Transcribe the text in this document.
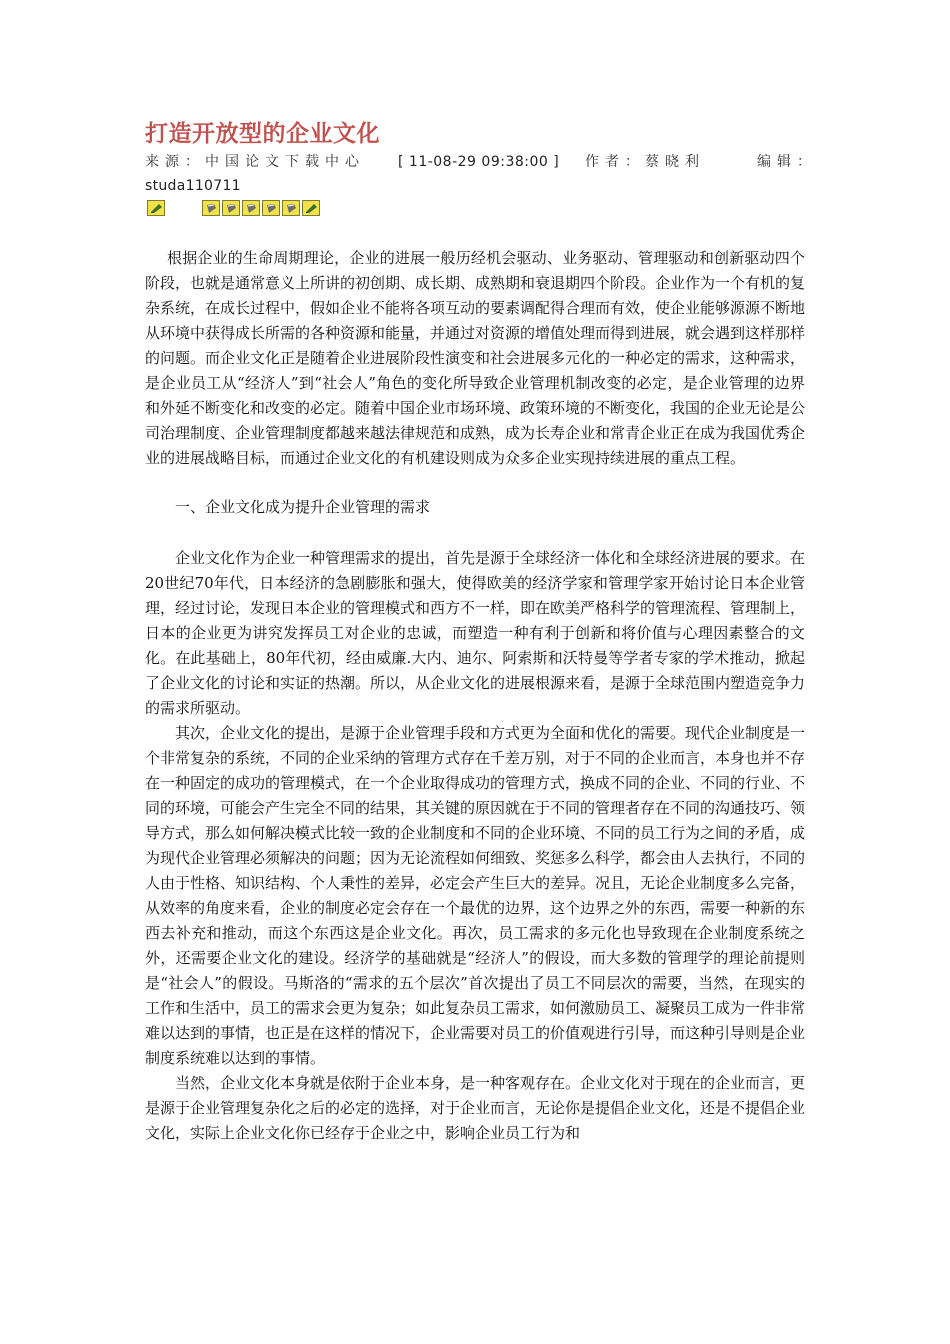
打造开放型的企业文化
来源：中国论文下载中心 [ 11-08-29 09:38:00 ] 作者：蔡晓利	编辑：
studa110711

根据企业的生命周期理论，企业的进展一般历经机会驱动、业务驱动、管理驱动和创新驱动四个阶段，也就是通常意义上所讲的初创期、成长期、成熟期和衰退期四个阶段。企业作为一个有机的复杂系统，在成长过程中，假如企业不能将各项互动的要素调配得合理而有效，使企业能够源源不断地从环境中获得成长所需的各种资源和能量，并通过对资源的增值处理而得到进展，就会遇到这样那样的问题。而企业文化正是随着企业进展阶段性演变和社会进展多元化的一种必定的需求，这种需求，是企业员工从“经济人”到“社会人”角色的变化所导致企业管理机制改变的必定，是企业管理的边界和外延不断变化和改变的必定。随着中国企业市场环境、政策环境的不断变化，我国的企业无论是公司治理制度、企业管理制度都越来越法律规范和成熟，成为长寿企业和常青企业正在成为我国优秀企业的进展战略目标，而通过企业文化的有机建设则成为众多企业实现持续进展的重点工程。

一、企业文化成为提升企业管理的需求

企业文化作为企业一种管理需求的提出，首先是源于全球经济一体化和全球经济进展的要求。在20世纪70年代，日本经济的急剧膨胀和强大，使得欧美的经济学家和管理学家开始讨论日本企业管理，经过讨论，发现日本企业的管理模式和西方不一样，即在欧美严格科学的管理流程、管理制上，日本的企业更为讲究发挥员工对企业的忠诚，而塑造一种有利于创新和将价值与心理因素整合的文化。在此基础上，80年代初，经由威廉.大内、迪尔、阿索斯和沃特曼等学者专家的学术推动，掀起了企业文化的讨论和实证的热潮。所以，从企业文化的进展根源来看，是源于全球范围内塑造竞争力的需求所驱动。

其次，企业文化的提出，是源于企业管理手段和方式更为全面和优化的需要。现代企业制度是一个非常复杂的系统，不同的企业采纳的管理方式存在千差万别，对于不同的企业而言，本身也并不存在一种固定的成功的管理模式，在一个企业取得成功的管理方式，换成不同的企业、不同的行业、不同的环境，可能会产生完全不同的结果，其关键的原因就在于不同的管理者存在不同的沟通技巧、领导方式，那么如何解决模式比较一致的企业制度和不同的企业环境、不同的员工行为之间的矛盾，成为现代企业管理必须解决的问题；因为无论流程如何细致、奖惩多么科学，都会由人去执行，不同的人由于性格、知识结构、个人秉性的差异，必定会产生巨大的差异。况且，无论企业制度多么完备，从效率的角度来看，企业的制度必定会存在一个最优的边界，这个边界之外的东西，需要一种新的东西去补充和推动，而这个东西这是企业文化。再次，员工需求的多元化也导致现在企业制度系统之外，还需要企业文化的建设。经济学的基础就是“经济人”的假设，而大多数的管理学的理论前提则是“社会人”的假设。马斯洛的“需求的五个层次”首次提出了员工不同层次的需要，当然，在现实的工作和生活中，员工的需求会更为复杂；如此复杂员工需求，如何激励员工、凝聚员工成为一件非常难以达到的事情，也正是在这样的情况下，企业需要对员工的价值观进行引导，而这种引导则是企业制度系统难以达到的事情。

当然，企业文化本身就是依附于企业本身，是一种客观存在。企业文化对于现在的企业而言，更是源于企业管理复杂化之后的必定的选择，对于企业而言，无论你是提倡企业文化，还是不提倡企业文化，实际上企业文化你已经存于企业之中，影响企业员工行为和
